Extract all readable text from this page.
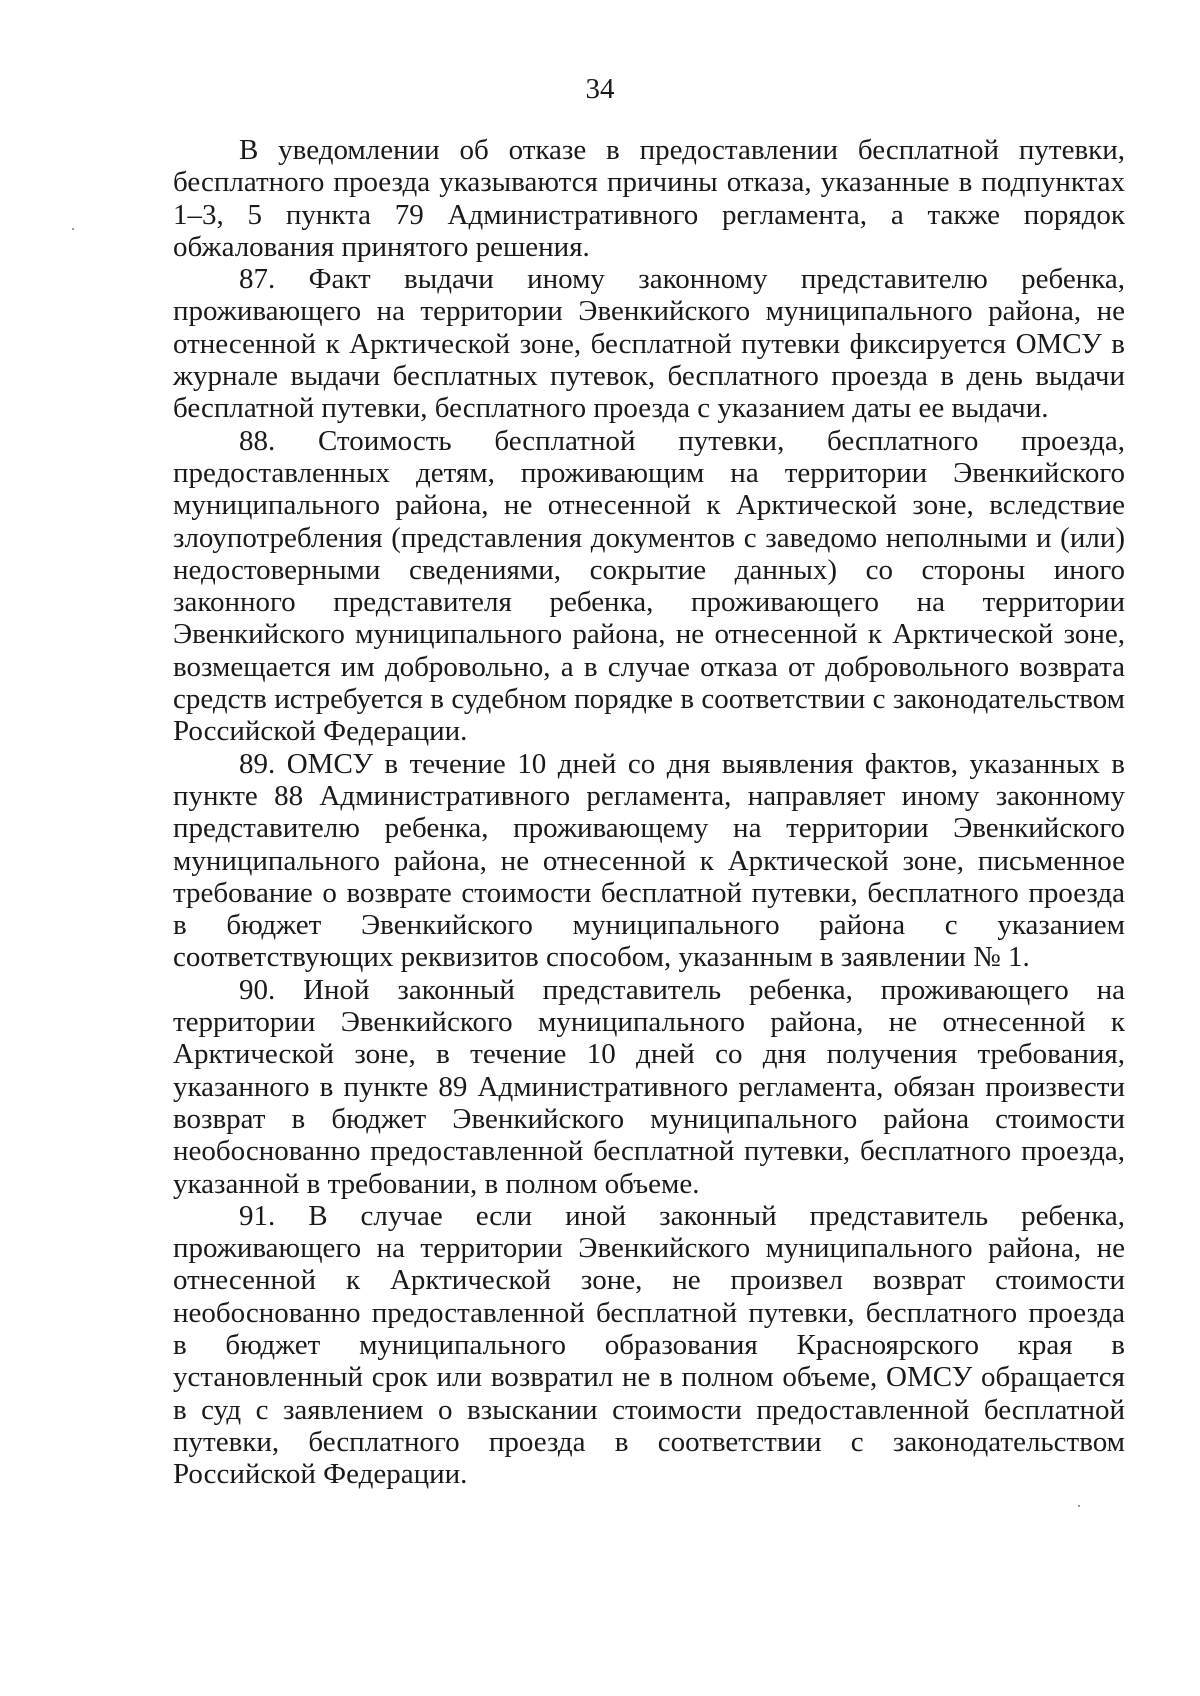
34

В уведомлении об отказе в предоставлении бесплатной путевки, бесплатного проезда указываются причины отказа, указанные в подпунктах 1–3, 5 пункта 79 Административного регламента, а также порядок обжалования принятого решения.

87. Факт выдачи иному законному представителю ребенка, проживающего на территории Эвенкийского муниципального района, не отнесенной к Арктической зоне, бесплатной путевки фиксируется ОМСУ в журнале выдачи бесплатных путевок, бесплатного проезда в день выдачи бесплатной путевки, бесплатного проезда с указанием даты ее выдачи.

88. Стоимость бесплатной путевки, бесплатного проезда, предоставленных детям, проживающим на территории Эвенкийского муниципального района, не отнесенной к Арктической зоне, вследствие злоупотребления (представления документов с заведомо неполными и (или) недостоверными сведениями, сокрытие данных) со стороны иного законного представителя ребенка, проживающего на территории Эвенкийского муниципального района, не отнесенной к Арктической зоне, возмещается им добровольно, а в случае отказа от добровольного возврата средств истребуется в судебном порядке в соответствии с законодательством Российской Федерации.

89. ОМСУ в течение 10 дней со дня выявления фактов, указанных в пункте 88 Административного регламента, направляет иному законному представителю ребенка, проживающему на территории Эвенкийского муниципального района, не отнесенной к Арктической зоне, письменное требование о возврате стоимости бесплатной путевки, бесплатного проезда в бюджет Эвенкийского муниципального района с указанием соответствующих реквизитов способом, указанным в заявлении № 1.

90. Иной законный представитель ребенка, проживающего на территории Эвенкийского муниципального района, не отнесенной к Арктической зоне, в течение 10 дней со дня получения требования, указанного в пункте 89 Административного регламента, обязан произвести возврат в бюджет Эвенкийского муниципального района стоимости необоснованно предоставленной бесплатной путевки, бесплатного проезда, указанной в требовании, в полном объеме.

91. В случае если иной законный представитель ребенка, проживающего на территории Эвенкийского муниципального района, не отнесенной к Арктической зоне, не произвел возврат стоимости необоснованно предоставленной бесплатной путевки, бесплатного проезда в бюджет муниципального образования Красноярского края в установленный срок или возвратил не в полном объеме, ОМСУ обращается в суд с заявлением о взыскании стоимости предоставленной бесплатной путевки, бесплатного проезда в соответствии с законодательством Российской Федерации.
